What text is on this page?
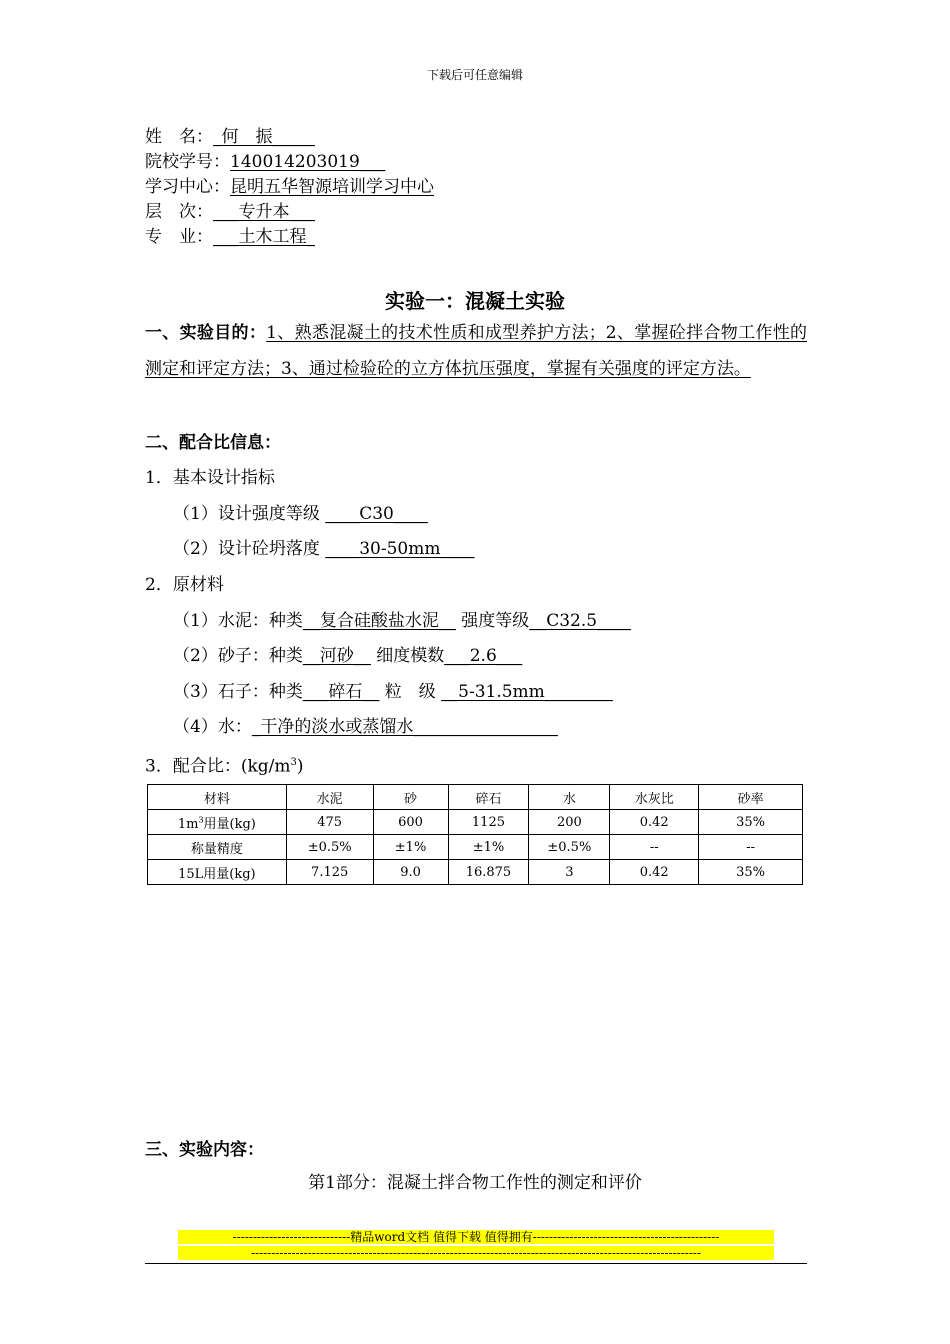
下载后可任意编辑
姓　名：_何　振_____
院校学号：140014203019___
学习中心：昆明五华智源培训学习中心
层　次：___专升本___
专　业：___土木工程_
实验一：混凝土实验
一、实验目的：1、熟悉混凝土的技术性质和成型养护方法；2、掌握砼拌合物工作性的测定和评定方法；3、通过检验砼的立方体抗压强度，掌握有关强度的评定方法。
二、配合比信息：
1．基本设计指标
（1）设计强度等级 ____C30____
（2）设计砼坍落度 ____30-50mm____
2．原材料
（1）水泥：种类__复合硅酸盐水泥__ 强度等级__C32.5____
（2）砂子：种类__河砂__ 细度模数___2.6___
（3）石子：种类___碎石__ 粒　级 __5-31.5mm________
（4）水：_干净的淡水或蒸馏水_________________
3．配合比：$(kg/m^3)$
材料	水泥	砂	碎石	水	水灰比	砂率
$1m^3$用量(kg)	475	600	1125	200	0.42	35%
称量精度	±0.5%	±1%	±1%	±0.5%	--	--
15L用量(kg)	7.125	9.0	16.875	3	0.42	35%
三、实验内容：
第1部分：混凝土拌合物工作性的测定和评价
-----------------------------精品word文档 值得下载 值得拥有----------------------------------------------
---------------------------------------------------------------------------------------------------------------
